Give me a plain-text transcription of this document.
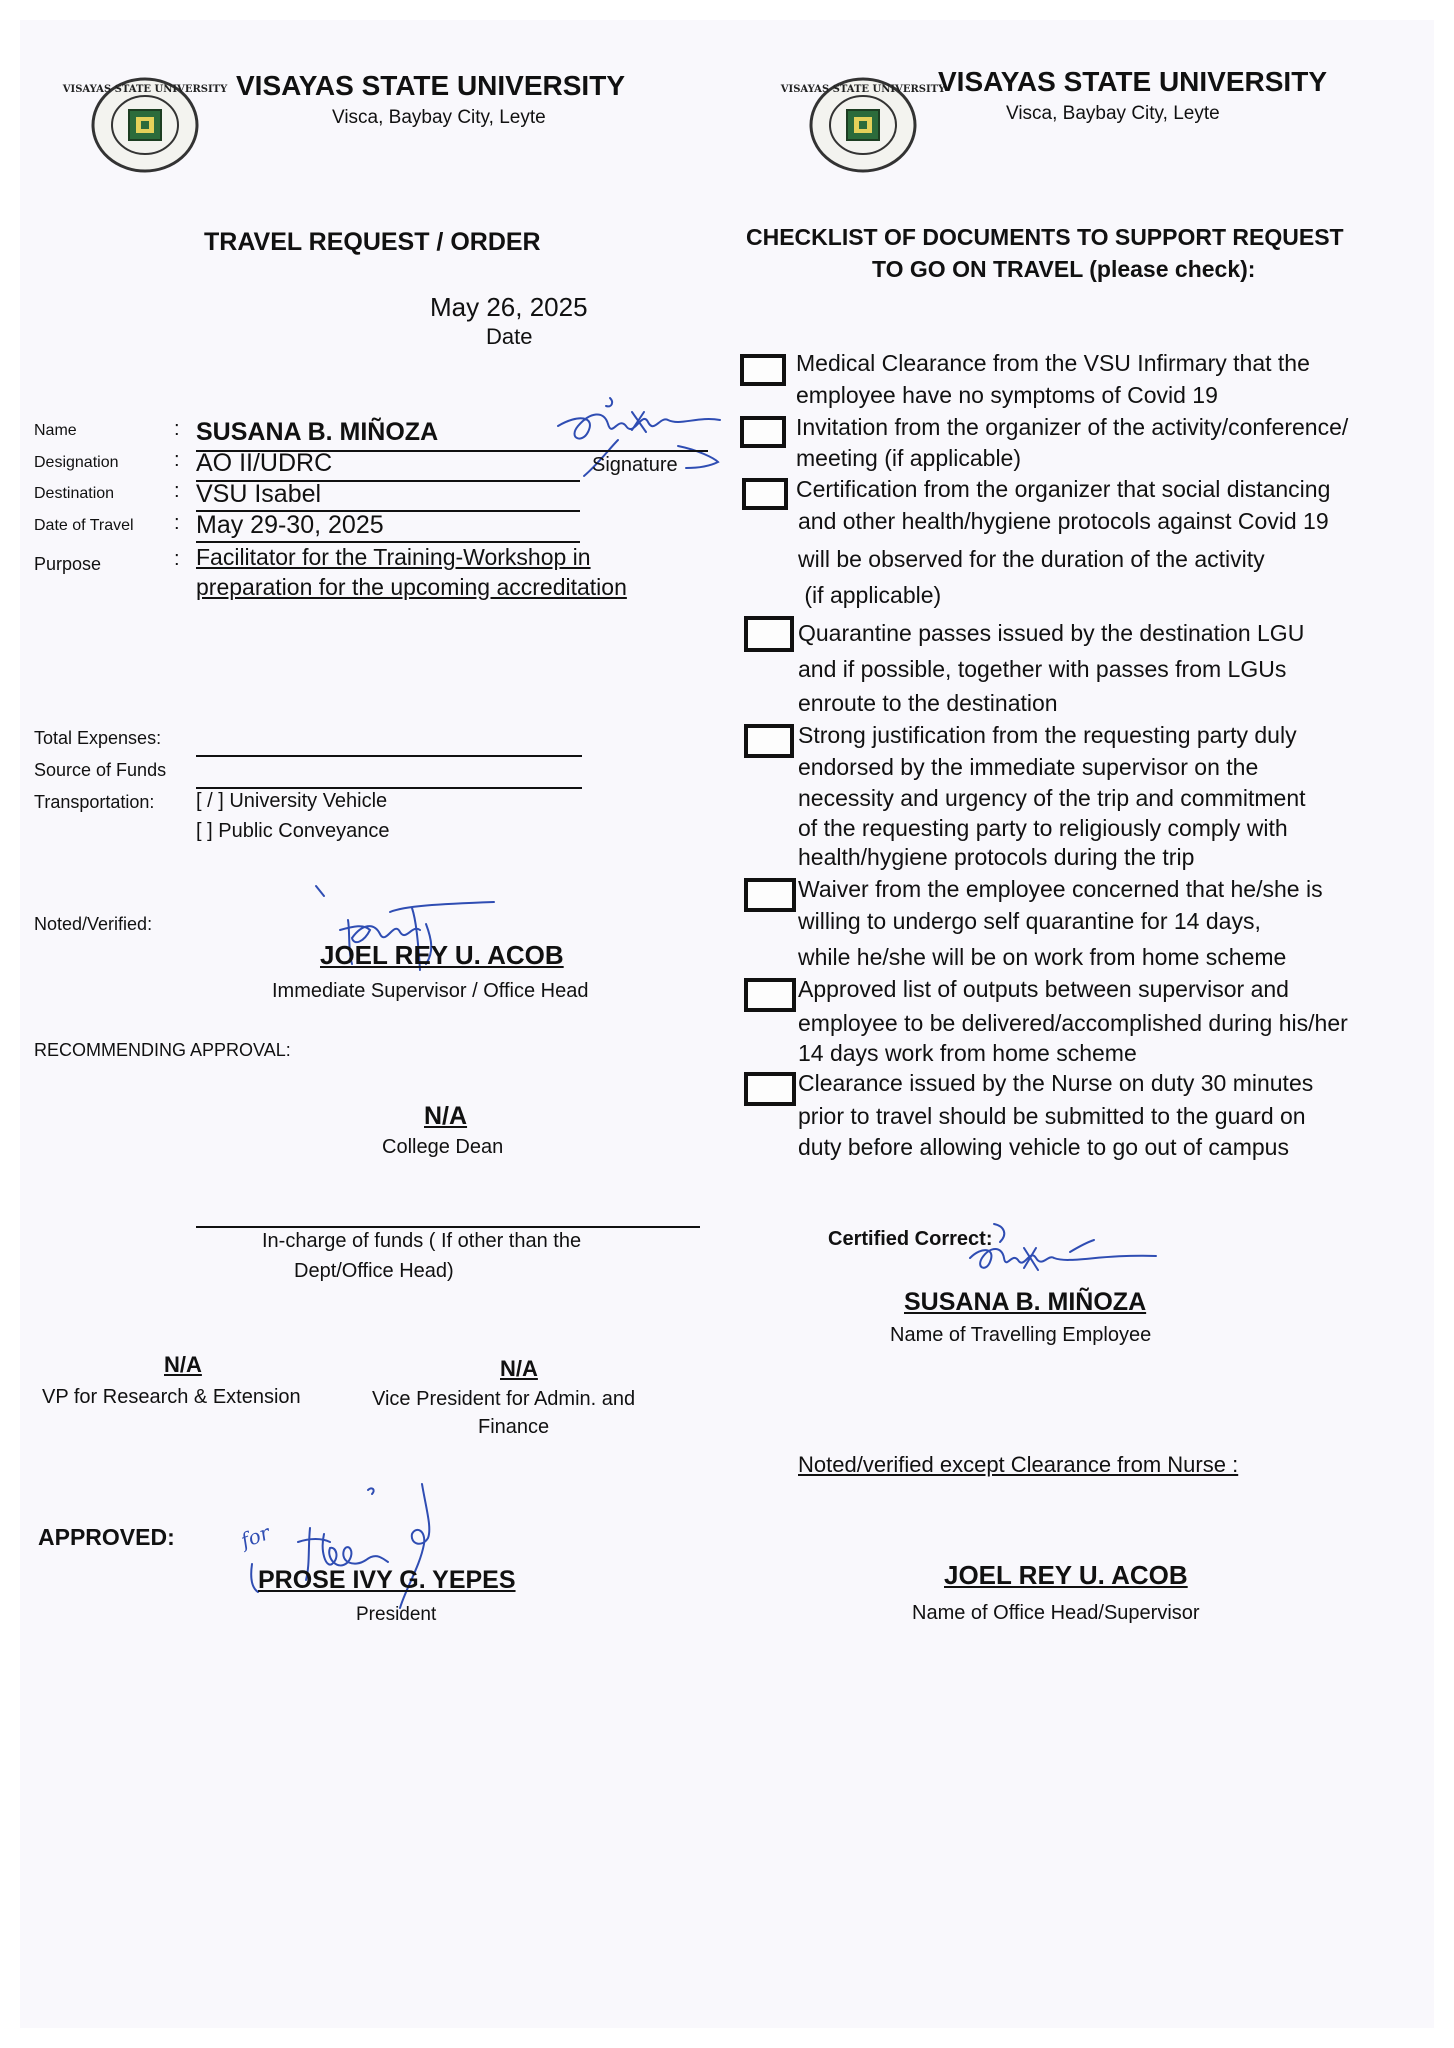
VISAYAS STATE UNIVERSITY VISAYAS STATE UNIVERSITY
Visca, Baybay City, Leyte
VISAYAS STATE UNIVERSITY
VISAYAS STATE UNIVERSITY
Visca, Baybay City, Leyte
TRAVEL REQUEST / ORDER
May 26, 2025
Date
Name	: SUSANA B. MIÑOZA
Signature
Designation	: AO II/UDRC
Destination	: VSU Isabel
Date of Travel : May 29-30, 2025
Purpose	: Facilitator for the Training-Workshop in
preparation for the upcoming accreditation
Total Expenses:
Source of Funds
Transportation: [ / ] University Vehicle
[ ] Public Conveyance
Noted/Verified:
JOEL REY U. ACOB
Immediate Supervisor / Office Head
RECOMMENDING APPROVAL:
N/A
College Dean
In-charge of funds ( If other than the
Dept/Office Head)
N/A
VP for Research & Extension
N/A
Vice President for Admin. and
Finance
APPROVED:	for
PROSE IVY G. YEPES
President
CHECKLIST OF DOCUMENTS TO SUPPORT REQUEST
TO GO ON TRAVEL (please check):
Medical Clearance from the VSU Infirmary that the
employee have no symptoms of Covid 19
Invitation from the organizer of the activity/conference/
meeting (if applicable)
Certification from the organizer that social distancing
and other health/hygiene protocols against Covid 19
will be observed for the duration of the activity
(if applicable)
Quarantine passes issued by the destination LGU
and if possible, together with passes from LGUs
enroute to the destination
Strong justification from the requesting party duly
endorsed by the immediate supervisor on the
necessity and urgency of the trip and commitment
of the requesting party to religiously comply with
health/hygiene protocols during the trip
Waiver from the employee concerned that he/she is
willing to undergo self quarantine for 14 days,
while he/she will be on work from home scheme
Approved list of outputs between supervisor and
employee to be delivered/accomplished during his/her
14 days work from home scheme
Clearance issued by the Nurse on duty 30 minutes
prior to travel should be submitted to the guard on
duty before allowing vehicle to go out of campus
Certified Correct:
SUSANA B. MIÑOZA
Name of Travelling Employee
Noted/verified except Clearance from Nurse :
JOEL REY U. ACOB
Name of Office Head/Supervisor
